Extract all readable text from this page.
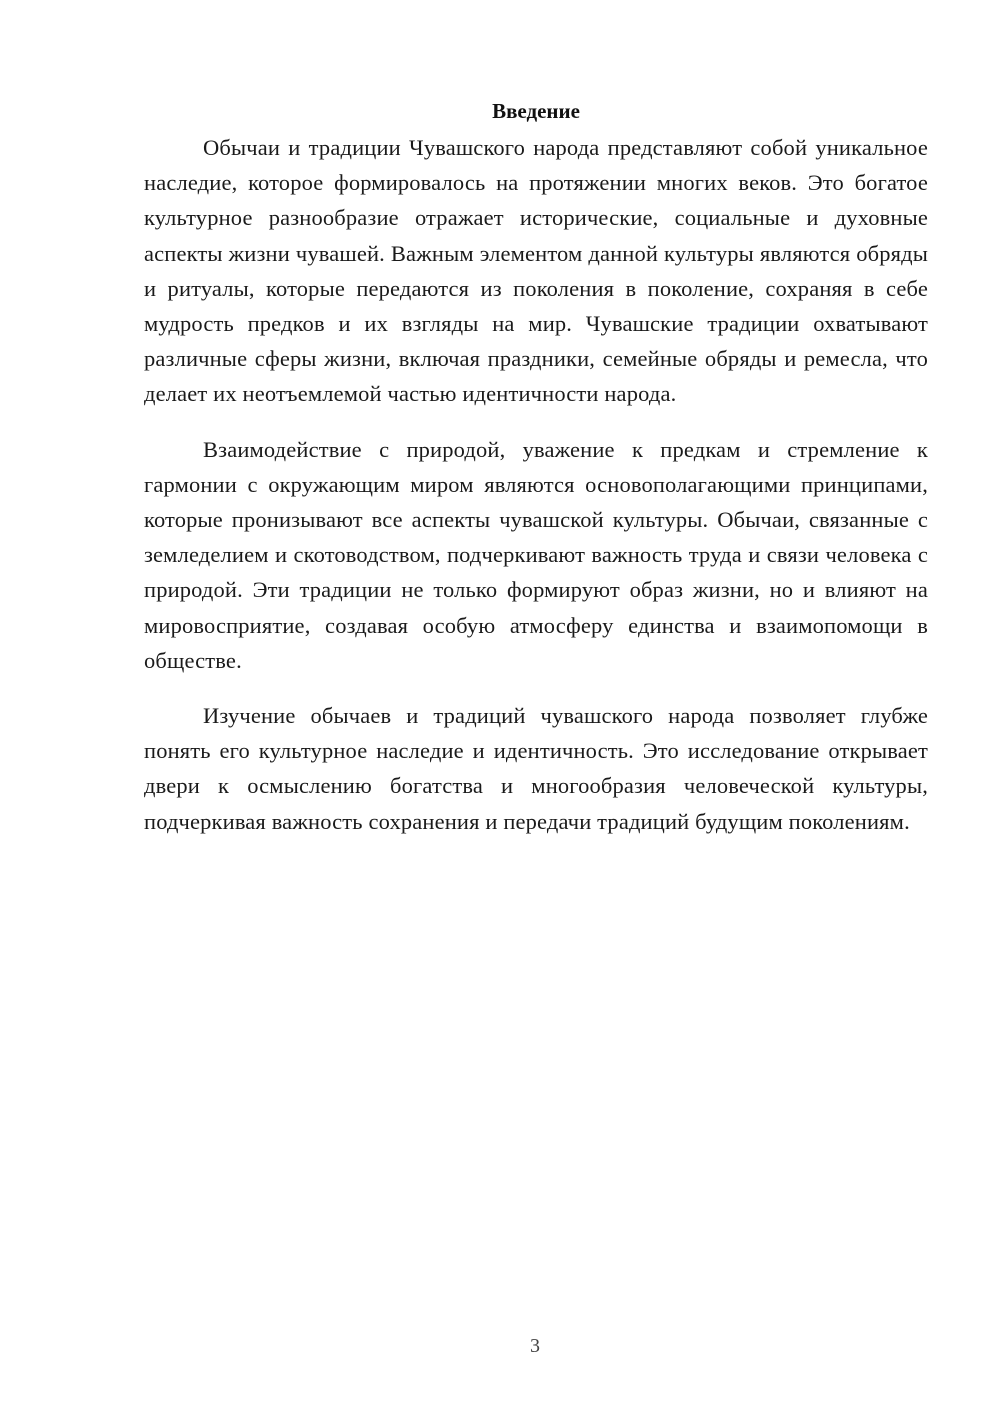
Введение

Обычаи и традиции Чувашского народа представляют собой уникальное наследие, которое формировалось на протяжении многих веков. Это богатое культурное разнообразие отражает исторические, социальные и духовные аспекты жизни чувашей. Важным элементом данной культуры являются обряды и ритуалы, которые передаются из поколения в поколение, сохраняя в себе мудрость предков и их взгляды на мир. Чувашские традиции охватывают различные сферы жизни, включая праздники, семейные обряды и ремесла, что делает их неотъемлемой частью идентичности народа.

Взаимодействие с природой, уважение к предкам и стремление к гармонии с окружающим миром являются основополагающими принципами, которые пронизывают все аспекты чувашской культуры. Обычаи, связанные с земледелием и скотоводством, подчеркивают важность труда и связи человека с природой. Эти традиции не только формируют образ жизни, но и влияют на мировосприятие, создавая особую атмосферу единства и взаимопомощи в обществе.

Изучение обычаев и традиций чувашского народа позволяет глубже понять его культурное наследие и идентичность. Это исследование открывает двери к осмыслению богатства и многообразия человеческой культуры, подчеркивая важность сохранения и передачи традиций будущим поколениям.

3
